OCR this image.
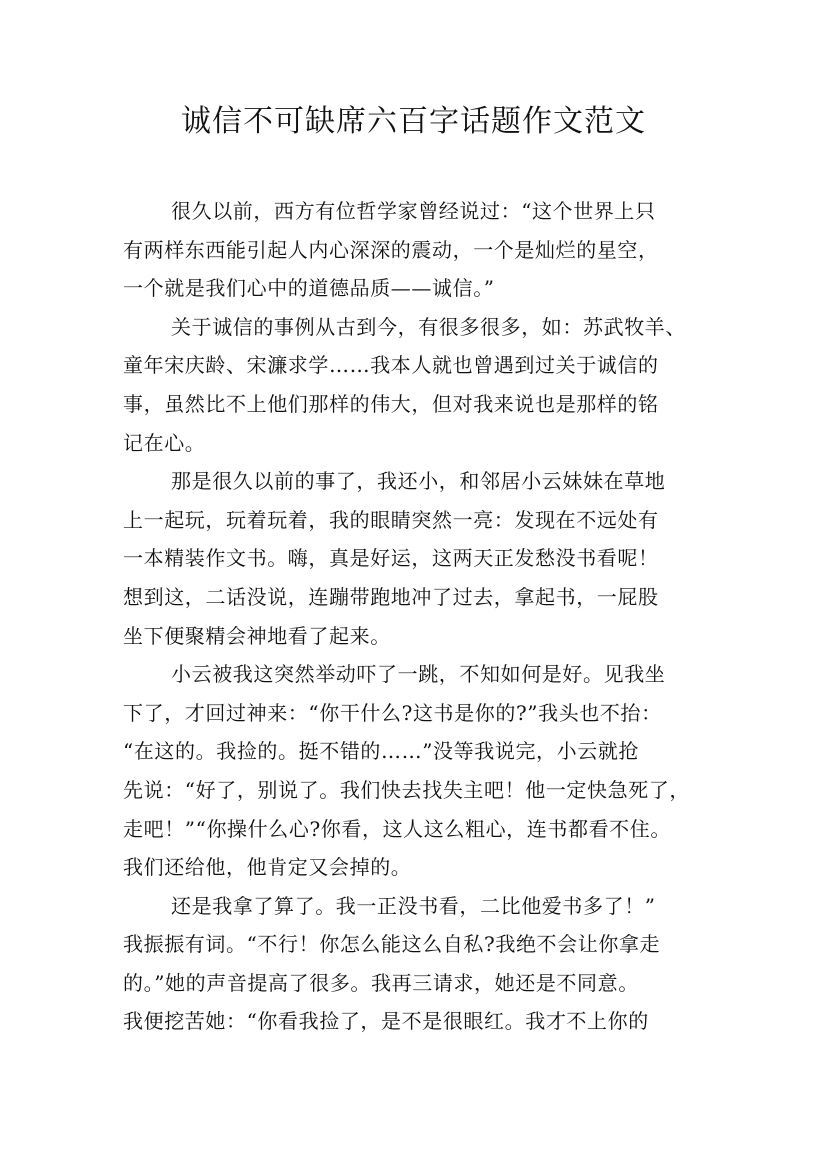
诚信不可缺席六百字话题作文范文
很久以前，西方有位哲学家曾经说过：“这个世界上只
有两样东西能引起人内心深深的震动，一个是灿烂的星空，
一个就是我们心中的道德品质——诚信。”
关于诚信的事例从古到今，有很多很多，如：苏武牧羊、
童年宋庆龄、宋濂求学……我本人就也曾遇到过关于诚信的
事，虽然比不上他们那样的伟大，但对我来说也是那样的铭
记在心。
那是很久以前的事了，我还小，和邻居小云妹妹在草地
上一起玩，玩着玩着，我的眼睛突然一亮：发现在不远处有
一本精装作文书。嗨，真是好运，这两天正发愁没书看呢！
想到这，二话没说，连蹦带跑地冲了过去，拿起书，一屁股
坐下便聚精会神地看了起来。
小云被我这突然举动吓了一跳，不知如何是好。见我坐
下了，才回过神来：“你干什么?这书是你的?”我头也不抬：
“在这的。我捡的。挺不错的……”没等我说完，小云就抢
先说：“好了，别说了。我们快去找失主吧！他一定快急死了，
走吧！”“你操什么心?你看，这人这么粗心，连书都看不住。
我们还给他，他肯定又会掉的。
还是我拿了算了。我一正没书看，二比他爱书多了！”
我振振有词。“不行！你怎么能这么自私?我绝不会让你拿走
的。”她的声音提高了很多。我再三请求，她还是不同意。
我便挖苦她：“你看我捡了，是不是很眼红。我才不上你的
